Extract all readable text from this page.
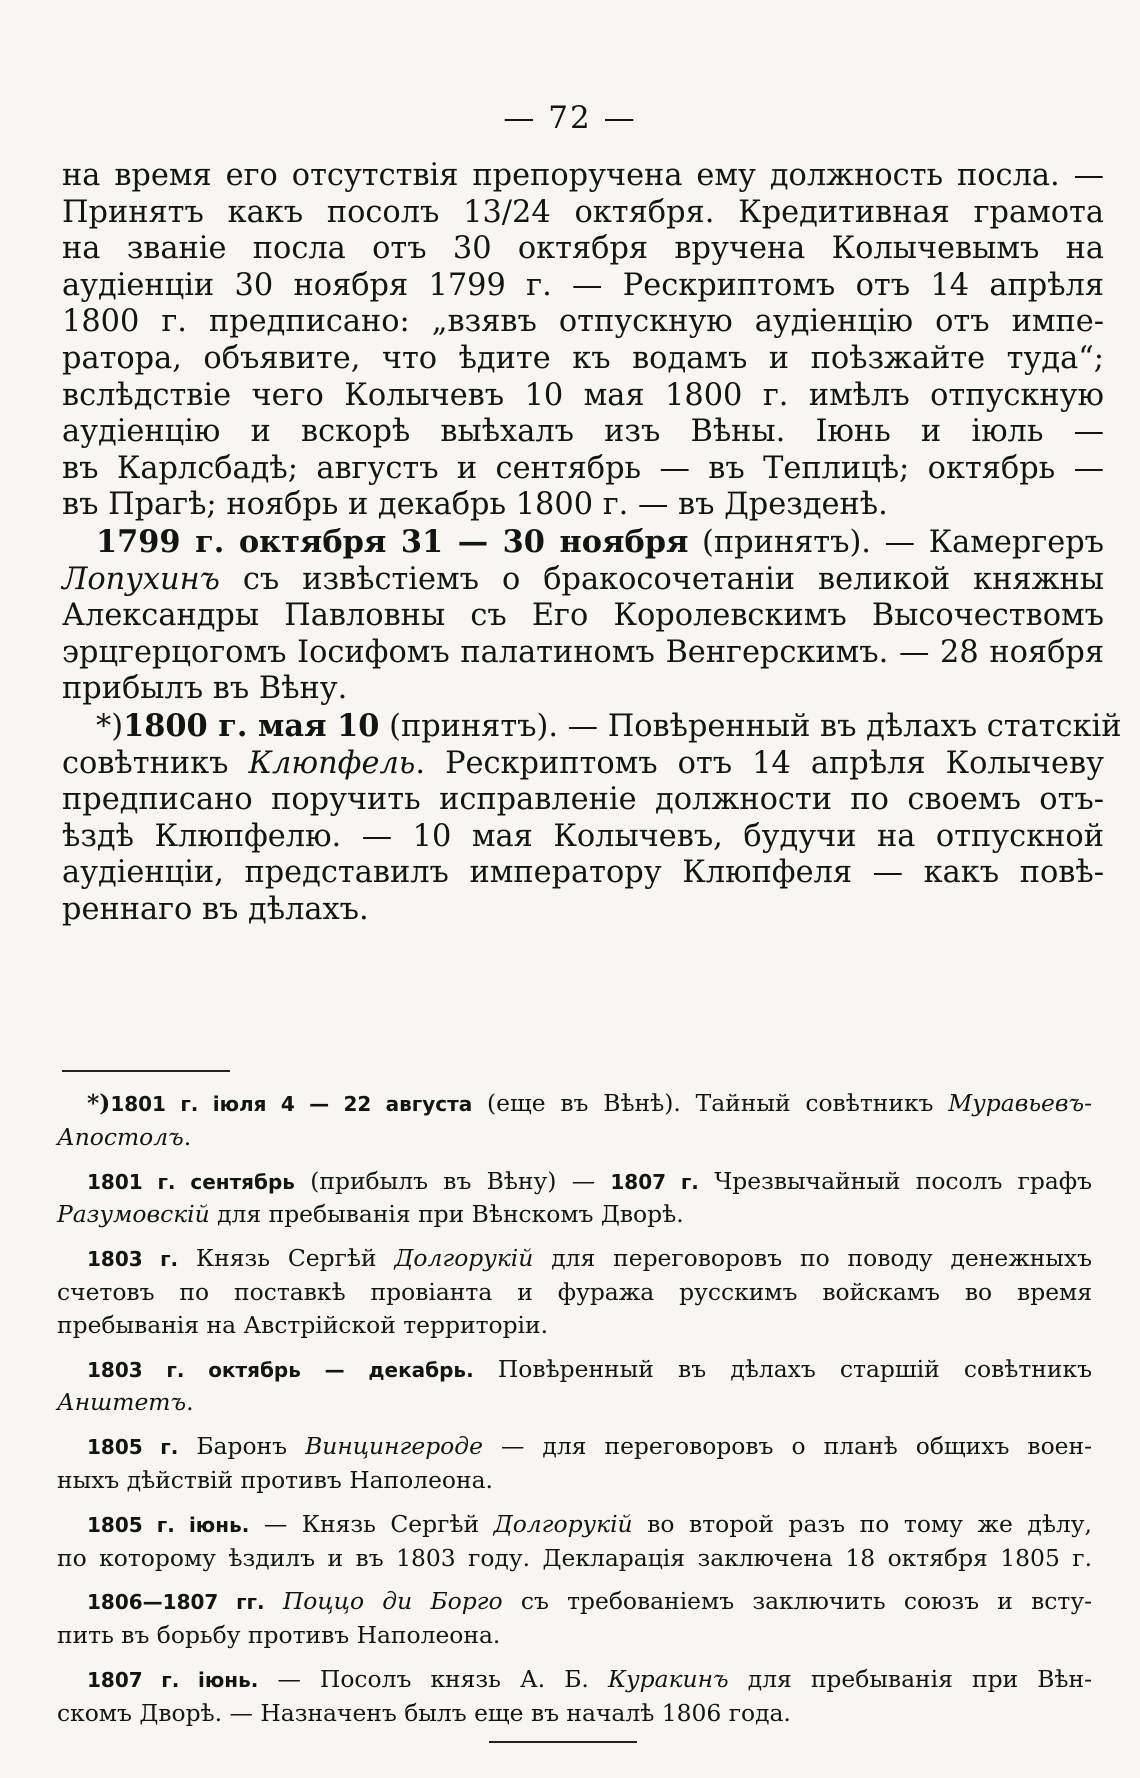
— 72 —
на время его отсутствія препоручена ему должность посла. —
Принятъ какъ посолъ 13/24 октября. Кредитивная грамота
на званіе посла отъ 30 октября вручена Колычевымъ на
аудіенціи 30 ноября 1799 г. — Рескриптомъ отъ 14 апрѣля
1800 г. предписано: „взявъ отпускную аудіенцію отъ импе-
ратора, объявите, что ѣдите къ водамъ и поѣзжайте туда“;
вслѣдствіе чего Колычевъ 10 мая 1800 г. имѣлъ отпускную
аудіенцію и вскорѣ выѣхалъ изъ Вѣны. Іюнь и іюль —
въ Карлсбадѣ; августъ и сентябрь — въ Теплицѣ; октябрь —
въ Прагѣ; ноябрь и декабрь 1800 г. — въ Дрезденѣ.
1799 г. октября 31 — 30 ноября (принятъ). — Камергеръ
Лопухинъ съ извѣстіемъ о бракосочетаніи великой княжны
Александры Павловны съ Его Королевскимъ Высочествомъ
эрцгерцогомъ Іосифомъ палатиномъ Венгерскимъ. — 28 ноября
прибылъ въ Вѣну.
*)1800 г. мая 10 (принятъ). — Повѣренный въ дѣлахъ статскій
совѣтникъ Клюпфель. Рескриптомъ отъ 14 апрѣля Колычеву
предписано поручить исправленіе должности по своемъ отъ-
ѣздѣ Клюпфелю. — 10 мая Колычевъ, будучи на отпускной
аудіенціи, представилъ императору Клюпфеля — какъ повѣ-
реннаго въ дѣлахъ.
*)1801 г. іюля 4 — 22 августа (еще въ Вѣнѣ). Тайный совѣтникъ Муравьевъ-
Апостолъ.
1801 г. сентябрь (прибылъ въ Вѣну) — 1807 г. Чрезвычайный посолъ графъ
Разумовскій для пребыванія при Вѣнскомъ Дворѣ.
1803 г. Князь Сергѣй Долгорукій для переговоровъ по поводу денежныхъ
счетовъ по поставкѣ провіанта и фуража русскимъ войскамъ во время
пребыванія на Австрійской территоріи.
1803 г. октябрь — декабрь. Повѣренный въ дѣлахъ старшій совѣтникъ
Анштетъ.
1805 г. Баронъ Винцингероде — для переговоровъ о планѣ общихъ воен-
ныхъ дѣйствій противъ Наполеона.
1805 г. іюнь. — Князь Сергѣй Долгорукій во второй разъ по тому же дѣлу,
по которому ѣздилъ и въ 1803 году. Декларація заключена 18 октября 1805 г.
1806—1807 гг. Поццо ди Борго съ требованіемъ заключить союзъ и всту-
пить въ борьбу противъ Наполеона.
1807 г. іюнь. — Посолъ князь А. Б. Куракинъ для пребыванія при Вѣн-
скомъ Дворѣ. — Назначенъ былъ еще въ началѣ 1806 года.
